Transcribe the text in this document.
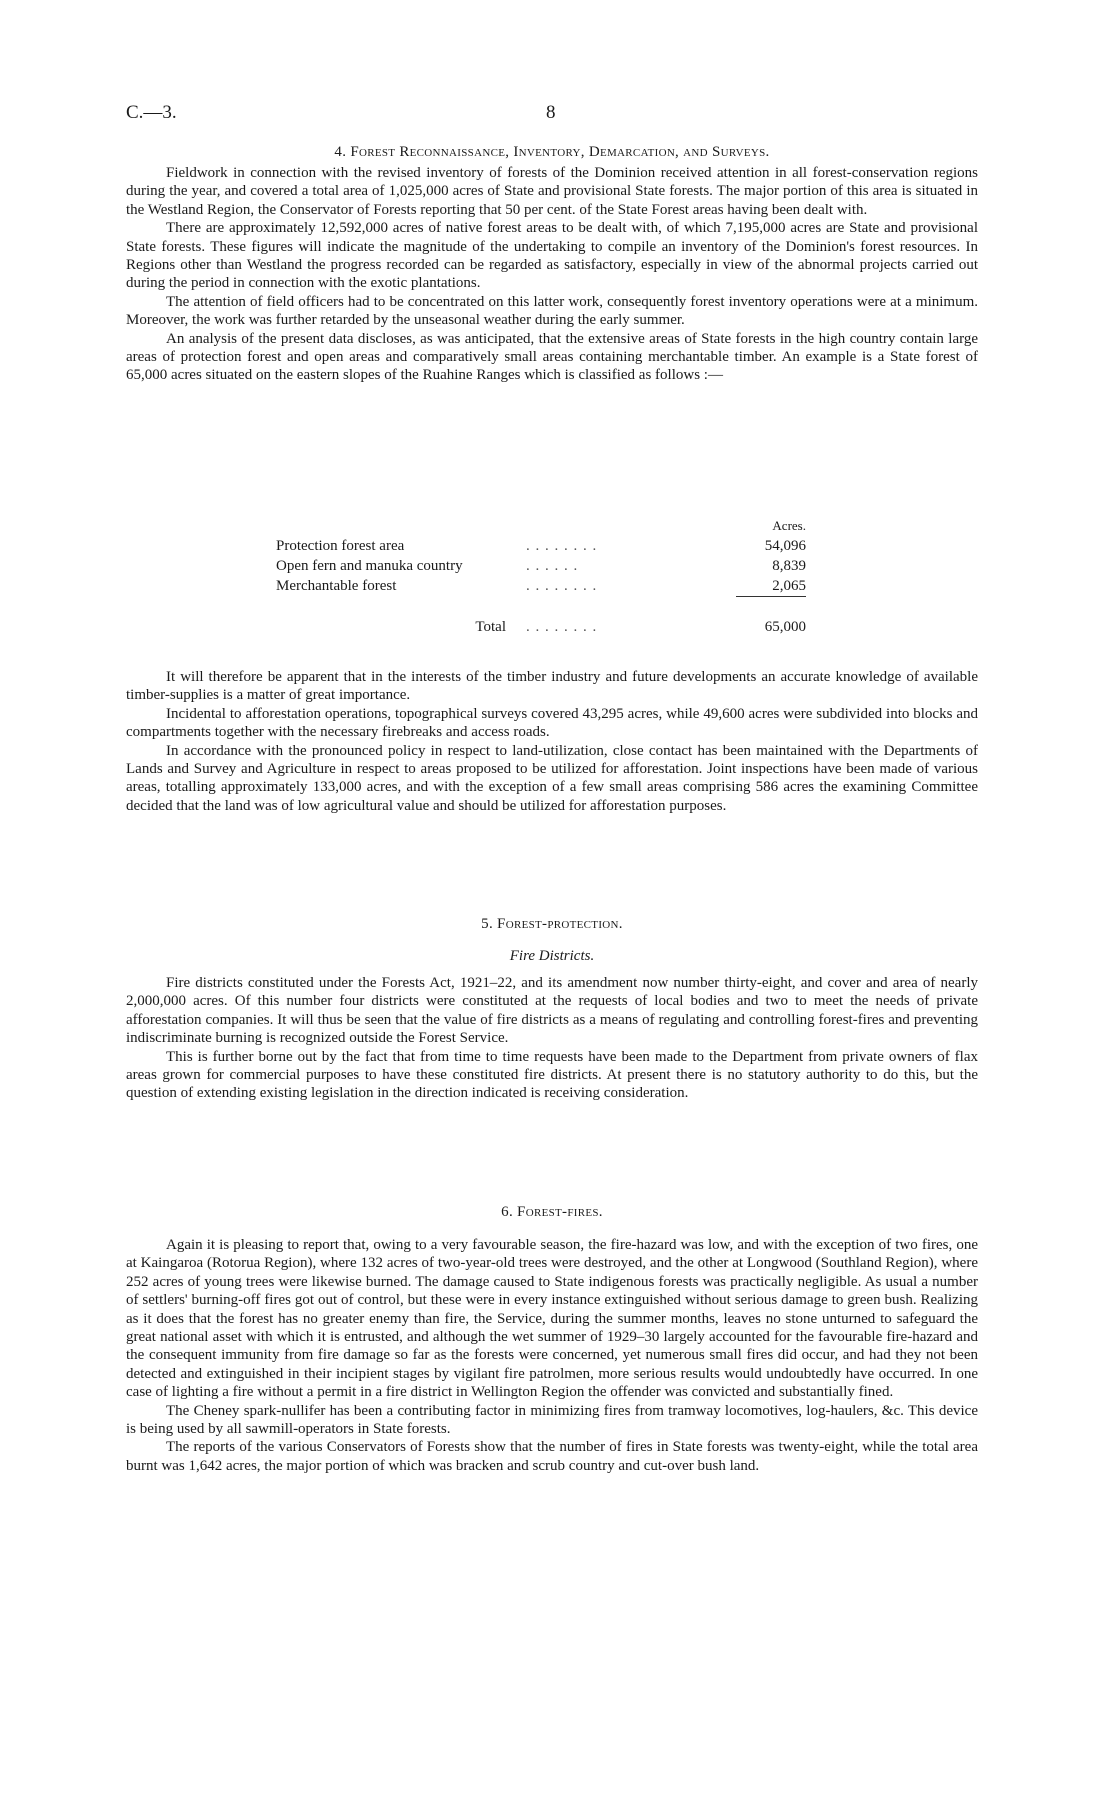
C.—3.	8
4. Forest Reconnaissance, Inventory, Demarcation, and Surveys.

Fieldwork in connection with the revised inventory of forests of the Dominion received attention in all forest-conservation regions during the year, and covered a total area of 1,025,000 acres of State and provisional State forests. The major portion of this area is situated in the Westland Region, the Conservator of Forests reporting that 50 per cent. of the State Forest areas having been dealt with.

There are approximately 12,592,000 acres of native forest areas to be dealt with, of which 7,195,000 acres are State and provisional State forests. These figures will indicate the magnitude of the undertaking to compile an inventory of the Dominion's forest resources. In Regions other than Westland the progress recorded can be regarded as satisfactory, especially in view of the abnormal projects carried out during the period in connection with the exotic plantations.

The attention of field officers had to be concentrated on this latter work, consequently forest inventory operations were at a minimum. Moreover, the work was further retarded by the unseasonal weather during the early summer.

An analysis of the present data discloses, as was anticipated, that the extensive areas of State forests in the high country contain large areas of protection forest and open areas and comparatively small areas containing merchantable timber. An example is a State forest of 65,000 acres situated on the eastern slopes of the Ruahine Ranges which is classified as follows :—

		Acres.
Protection forest area	. . . . . . . .	54,096
Open fern and manuka country	. . . . . .	8,839
Merchantable forest	. . . . . . . .	2,065

Total	. . . . . . . .	65,000

It will therefore be apparent that in the interests of the timber industry and future developments an accurate knowledge of available timber-supplies is a matter of great importance.

Incidental to afforestation operations, topographical surveys covered 43,295 acres, while 49,600 acres were subdivided into blocks and compartments together with the necessary firebreaks and access roads.

In accordance with the pronounced policy in respect to land-utilization, close contact has been maintained with the Departments of Lands and Survey and Agriculture in respect to areas proposed to be utilized for afforestation. Joint inspections have been made of various areas, totalling approximately 133,000 acres, and with the exception of a few small areas comprising 586 acres the examining Committee decided that the land was of low agricultural value and should be utilized for afforestation purposes.

5. Forest-protection.
Fire Districts.

Fire districts constituted under the Forests Act, 1921–22, and its amendment now number thirty-eight, and cover and area of nearly 2,000,000 acres. Of this number four districts were constituted at the requests of local bodies and two to meet the needs of private afforestation companies. It will thus be seen that the value of fire districts as a means of regulating and controlling forest-fires and preventing indiscriminate burning is recognized outside the Forest Service.

This is further borne out by the fact that from time to time requests have been made to the Department from private owners of flax areas grown for commercial purposes to have these constituted fire districts. At present there is no statutory authority to do this, but the question of extending existing legislation in the direction indicated is receiving consideration.

6. Forest-fires.

Again it is pleasing to report that, owing to a very favourable season, the fire-hazard was low, and with the exception of two fires, one at Kaingaroa (Rotorua Region), where 132 acres of two-year-old trees were destroyed, and the other at Longwood (Southland Region), where 252 acres of young trees were likewise burned. The damage caused to State indigenous forests was practically negligible. As usual a number of settlers' burning-off fires got out of control, but these were in every instance extinguished without serious damage to green bush. Realizing as it does that the forest has no greater enemy than fire, the Service, during the summer months, leaves no stone unturned to safeguard the great national asset with which it is entrusted, and although the wet summer of 1929–30 largely accounted for the favourable fire-hazard and the consequent immunity from fire damage so far as the forests were concerned, yet numerous small fires did occur, and had they not been detected and extinguished in their incipient stages by vigilant fire patrolmen, more serious results would undoubtedly have occurred. In one case of lighting a fire without a permit in a fire district in Wellington Region the offender was convicted and substantially fined.

The Cheney spark-nullifer has been a contributing factor in minimizing fires from tramway locomotives, log-haulers, &c. This device is being used by all sawmill-operators in State forests.

The reports of the various Conservators of Forests show that the number of fires in State forests was twenty-eight, while the total area burnt was 1,642 acres, the major portion of which was bracken and scrub country and cut-over bush land.
